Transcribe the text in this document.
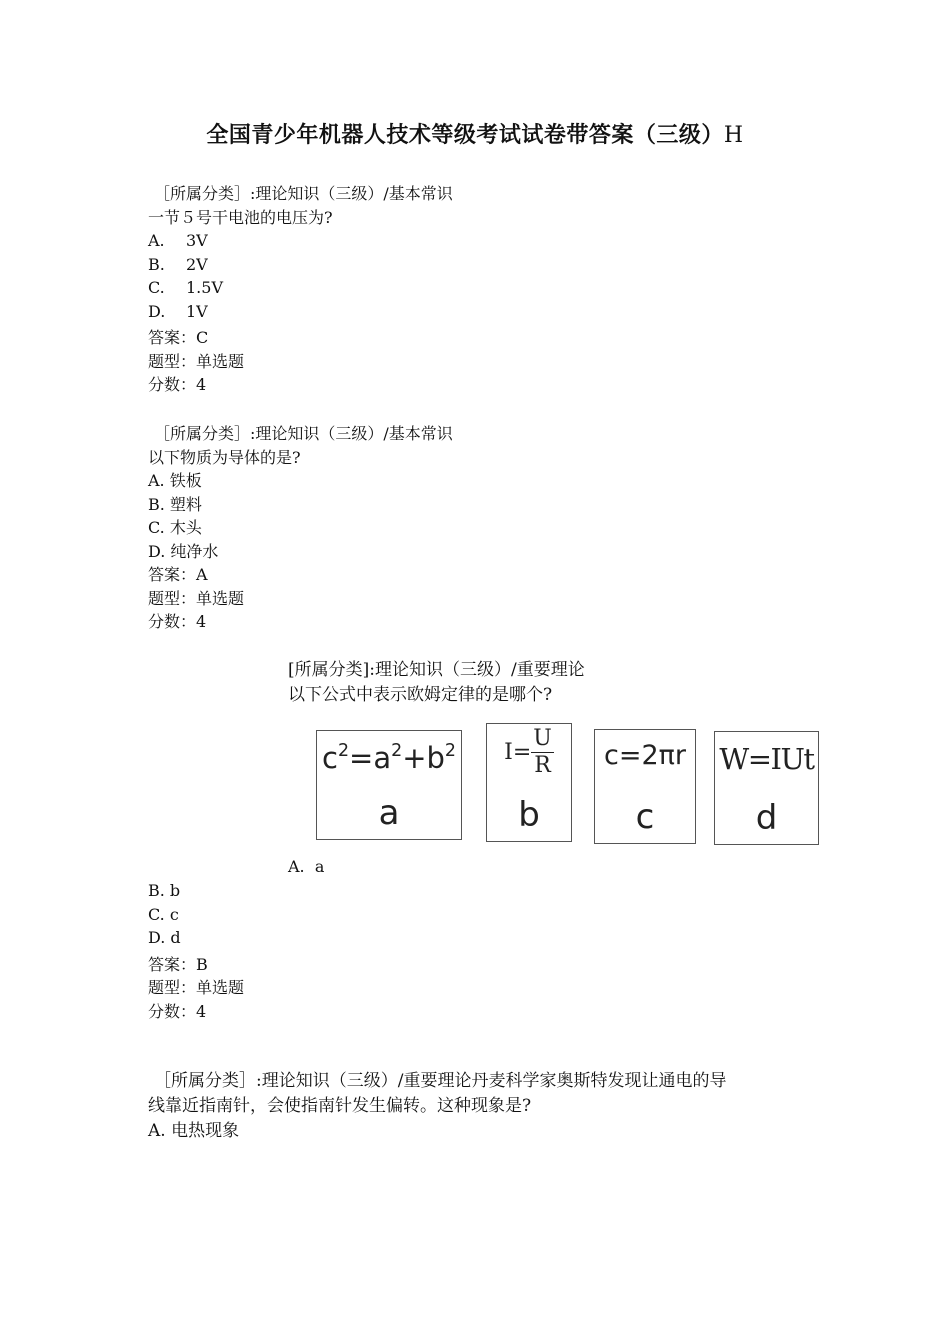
全国青少年机器人技术等级考试试卷带答案（三级）H
［所属分类］:理论知识（三级）/基本常识
一节５号干电池的电压为?
A. 3V
B. 2V
C. 1.5V
D. 1V
答案：C
题型：单选题
分数：4
［所属分类］:理论知识（三级）/基本常识
以下物质为导体的是?
A. 铁板
B. 塑料
C. 木头
D. 纯净水
答案：A
题型：单选题
分数：4
[所属分类]:理论知识（三级）/重要理论
以下公式中表示欧姆定律的是哪个?
$c^2=a^2+b^2$
a
$I= \frac{U}{R}$
b
c=2πr
c
W=IUt
d
A.  a
B. b
C. c
D. d
答案：B
题型：单选题
分数：4
［所属分类］:理论知识（三级）/重要理论丹麦科学家奥斯特发现让通电的导
线靠近指南针，会使指南针发生偏转。这种现象是?
A. 电热现象
